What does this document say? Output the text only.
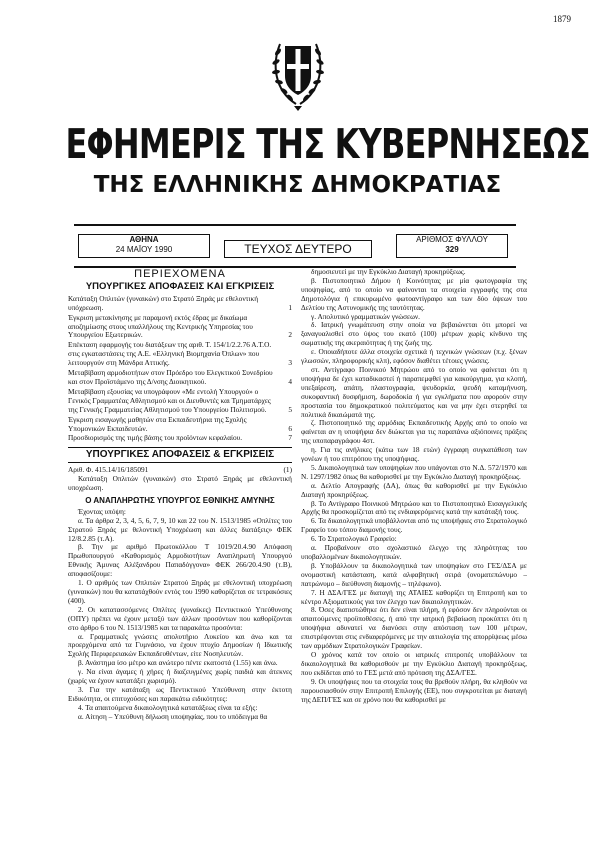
1879
ΕΦΗΜΕΡΙΣ ΤΗΣ ΚΥΒΕΡΝΗΣΕΩΣ
ΤΗΣ ΕΛΛΗΝΙΚΗΣ ΔΗΜΟΚΡΑΤΙΑΣ
ΑΘΗΝΑ
24 ΜΑΪΟΥ 1990	ΤΕΥΧΟΣ ΔΕΥΤΕΡΟ
ΑΡΙΘΜΟΣ ΦΥΛΛΟΥ
329
ΠΕΡΙΕΧΟΜΕΝΑ
ΥΠΟΥΡΓΙΚΕΣ ΑΠΟΦΑΣΕΙΣ ΚΑΙ ΕΓΚΡΙΣΕΙΣ
Κατάταξη Οπλιτών (γυναικών) στο Στρατό Ξηράς με εθελοντική υπόχρεωση.	1
Έγκριση μετακίνησης με παραμονή εκτός έδρας με δικαίωμα αποζημίωσης στους υπαλλήλους της Κεντρικής Υπηρεσίας του Υπουργείου Εξωτερικών.	2
Επέκταση εφαρμογής του διατάξεων της αριθ. Τ. 154/1/2.2.76 Α.Τ.Ο. στις εγκαταστάσεις της Α.Ε. «Ελληνική Βιομηχανία Όπλων» που λειτουργούν στη Μάνδρα Αττικής.	3
Μεταβίβαση αρμοδιοτήτων στον Πρόεδρο του Ελεγκτικού Συνεδρίου και στον Προϊστάμενο της Δ/νσης Διοικητικού.	4
Μεταβίβαση εξουσίας να υπογράφουν «Με εντολή Υπουργού» ο Γενικός Γραμματέας Αθλητισμού και οι Διευθυντές και Τμηματάρχες της Γενικής Γραμματείας Αθλητισμού του Υπουργείου Πολιτισμού.	5
Έγκριση εισαγωγής μαθητών στα Εκπαιδευτήρια της Σχολής Υπομονικών Εκπαιδευτών.	6
Προσδιορισμός της τιμής βάσης του προϊόντων κεφαλαίου.	7
ΥΠΟΥΡΓΙΚΕΣ ΑΠΟΦΑΣΕΙΣ & ΕΓΚΡΙΣΕΙΣ
Αριθ. Φ. 415.14/16/185091	(1)

Κατάταξη Οπλιτών (γυναικών) στο Στρατό Ξηράς με εθελοντική υποχρέωση.

Ο ΑΝΑΠΛΗΡΩΤΗΣ ΥΠΟΥΡΓΟΣ ΕΘΝΙΚΗΣ ΑΜΥΝΗΣ

Έχοντας υπόψη:

α. Τα άρθρα 2, 3, 4, 5, 6, 7, 9, 10 και 22 του Ν. 1513/1985 «Οπλίτες του Στρατού Ξηράς με θελοντική Υποχρέωση και άλλες διατάξεις» ΦΕΚ 12/8.2.85 (τ.Α).

β. Την με αριθμό Πρωτοκόλλου Τ 1019/20.4.90 Απόφαση Πρωθυπουργού «Καθορισμός Αρμοδιοτήτων Αναπληρωτή Υπουργού Εθνικής Άμυνας Αλέξανδρου Παπαδόγγονα» ΦΕΚ 266/20.4.90 (τ.Β), αποφασίζουμε:

1. Ο αριθμός των Οπλιτών Στρατού Ξηράς με εθελοντική υποχρέωση (γυναικών) που θα κατατάχθούν εντός του 1990 καθορίζεται σε τετρακόσιες (400).

2. Οι κατατασσόμενες Οπλίτες (γυναίκες) Πεντικτικού Υπεύθυνσης (ΟΠΥ) πρέπει να έχουν μεταξύ των άλλων προσόντων που καθορίζονται στο άρθρο 6 του Ν. 1513/1985 και τα παρακάτω προσόντα:

α. Γραμματικές γνώσεις απολυτήριο Λυκείου και άνω και τα προερχόμενα από τα Γυμνάσιο, να έχουν πτυχίο Δημοσίων ή Ιδιωτικής Σχολής Περιφερειακών Εκπαιδευθέντων, είτε Νοσηλευτών.

β. Ανάστημα ίσο μέτρο και ανώτερο πέντε εκατοστά (1.55) και άνω.

γ. Να είναι άγαμες ή χήρες ή διαζευγμένες χωρίς παιδιά και άτεκνες (χωρίς να έχουν κατατάξει χωρισμό).

3. Για την κατάταξη ως Πεντικτικού Υπεύθυνση στην έκτοτη Ειδικότητα, οι επιτυχούσες και παρακάτω ειδικότητες:

4. Τα απαιτούμενα δικαιολογητικά κατατάξεως είναι τα εξής:

α. Αίτηση – Υπεύθυνη δήλωση υποψηφίας, που το υπόδειγμα θα

δημοσιευτεί με την Εγκύκλιο Διαταγή προκηρύξεως.

β. Πιστοποιητικό Δήμου ή Κοινότητας με μία φωτογραφία της υποψηφίας, από το οποίο να φαίνονται τα στοιχεία εγγραφής της στα Δημοτολόγια ή επικυρωμένο φωτοαντίγραφο και των δύο όψεων του Δελτίου της Αστυνομικής της ταυτότητας.

γ. Απολυτικό γραμματικών γνώσεων.

δ. Ιατρική γνωμάτευση στην οποία να βεβαιώνεται ότι μπορεί να ξαναγυαλισθεί στο ύψος του εκατό (100) μέτρων χωρίς κίνδυνο της σωματικής της ακεραιότητας ή της ζωής της.

ε. Οποιαδήποτε άλλα στοιχεία σχετικά ή τεχνικών γνώσεων (π.χ. ξένων γλωσσών, πληροφορικής κλπ), εφόσον διαθέτει τέτοιες γνώσεις.

στ. Αντίγραφο Ποινικού Μητρώου από το οποίο να φαίνεται ότι η υποψήφια δε έχει καταδικαστεί ή παραπεμφθεί για κακούργημα, για κλοπή, υπεξαίρεση, απάτη, πλαστογραφία, ψευδορκία, ψευδή καταμήνυση, συκοφαντική δυσφήμιση, δωροδοκία ή για εγκλήματα που αφορούν στην προστασία του δημοκρατικού πολιτεύματος και να μην έχει στερηθεί τα πολιτικά δικαιώματά της.

ζ. Πιστοποιητικό της αρμόδιας Εκπαιδευτικής Αρχής από το οποίο να φαίνεται αν η υποψήφια δεν διώκεται για τις παραπάνω αξιόποινες πράξεις της υποπαραγράφου 4στ.

η. Για τις ανήλικες (κάτω των 18 ετών) έγγραφη συγκατάθεση των γονέων ή του επιτρόπου της υποψήφιας.

5. Δικαιολογητικά των υποψηφίων που υπάγονται στο Ν.Δ. 572/1970 και Ν. 1297/1982 όπως θα καθορισθεί με την Εγκύκλιο Διαταγή προκηρύξεως.

α. Δελτίο Απογραφής (ΔΑ), όπως θα καθορισθεί με την Εγκύκλιο Διαταγή προκηρύξεως.

β. Το Αντίγραφο Ποινικού Μητρώου και το Πιστοποιητικό Εισαγγελικής Αρχής θα προσκομίζεται από τις ενδιαφερόμενες κατά την κατάταξή τους.

6. Τα δικαιολογητικά υποβάλλονται από τις υποψήφιες στο Στρατολογικό Γραφείο του τόπου διαμονής τους.

6. Το Στρατολογικό Γραφείο:

α. Προβαίνουν στο σχολαστικό έλεγχο της πληρότητας του υποβαλλομένων δικαιολογητικών.

β. Υποβάλλουν τα δικαιολογητικά των υποψηφίων στο ΓΕΣ/ΔΣΑ με ονομαστική κατάσταση, κατά αλφαβητική σειρά (ονοματεπώνυμο – πατρώνυμο – διεύθυνση διαμονής – τηλέφωνο).

7. Η ΔΣΑ/ΓΕΣ με διαταγή της ΑΤΑΙΕΣ καθορίζει τη Επιτροπή και το κέντρο Αξιοματικούς για τον έλεγχο των δικαιολογητικών.

8. Όσες διαπιστώθηκε ότι δεν είναι πλήρη, ή εφόσον δεν πληρούνται οι απαιτούμενες προϋποθέσεις, ή από την ιατρική βεβαίωση προκύπτει ότι η υποψήφια αδυνατεί να διανύσει στην απόσταση των 100 μέτρων, επιστρέφονται στις ενδιαφερόμενες με την αιτιολογία της απορρίψεως μέσω των αρμόδιων Στρατολογικών Γραφείων.

Ο χρόνος κατά τον οποίο οι ιατρικές επιτροπές υποβάλλουν τα δικαιολογητικά θα καθορισθούν με την Εγκύκλιο Διαταγή προκηρύξεως, που εκδίδεται από το ΓΕΣ μετά από πρόταση της ΔΣΑ/ΓΕΣ.

9. Οι υποψήφιες που τα στοιχεία τους θα βρεθούν πλήρη, θα κληθούν να παρουσιασθούν στην Επιτροπή Επιλογής (ΕΕ), που συγκροτείται με διαταγή της ΔΕΠ/ΓΕΣ και σε χρόνο που θα καθορισθεί με
